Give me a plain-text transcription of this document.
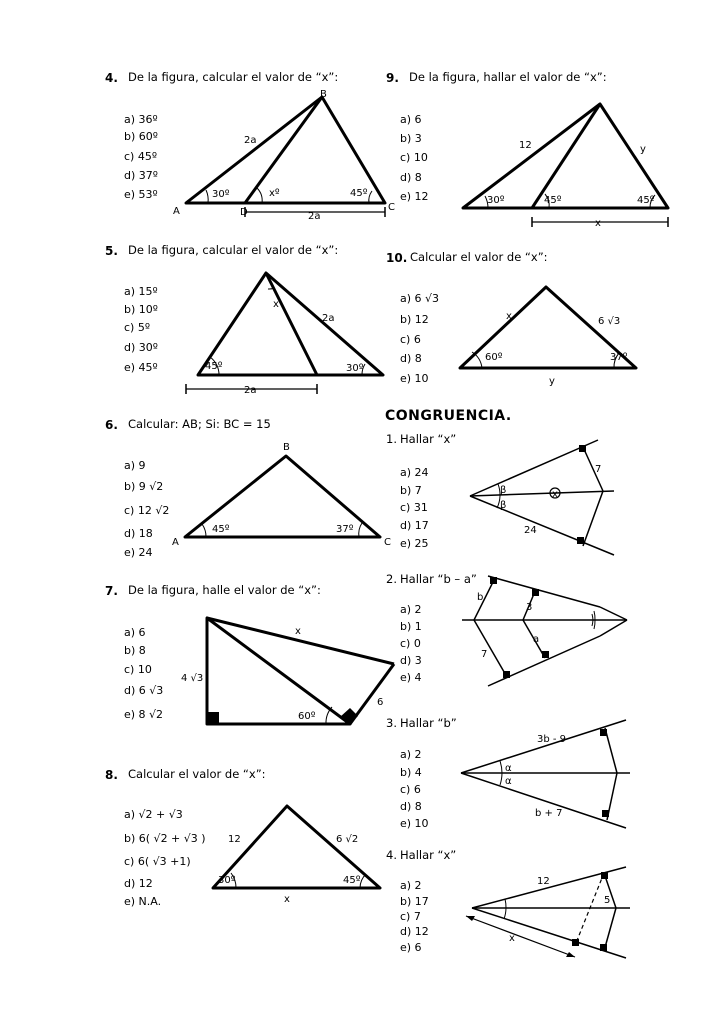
B
A	D	C
2a
2a
30º	xº	45º
x
2a
2a
45º	30º
B
A	C
45º	37º
x
4 √3
6
60º
12	6 √2
30º	45º
x
12	y
30º	45º	45º
x
x	6 √3
60º	37º
y
7
24
β
β
x
b
3
a
7
3b - 9
b + 7
α
α
12
5
x
4. De la figura, calcular el valor de “x”:
a) 36º
b) 60º
c) 45º
d) 37º
e) 53º
5. De la figura, calcular el valor de “x”:
a) 15º
b) 10º
c) 5º
d) 30º
e) 45º
6. Calcular: AB; Si: BC = 15
a) 9
b) 9 √2
c) 12 √2
d) 18
e) 24
7. De la figura, halle el valor de “x”:
a) 6
b) 8
c) 10
d) 6 √3
e) 8 √2
8. Calcular el valor de “x”:
a) √2 + √3
b) 6( √2 + √3 )
c) 6( √3 +1)
d) 12
e) N.A.
9. De la figura, hallar el valor de “x”:
a) 6
b) 3
c) 10
d) 8
e) 12
10. Calcular el valor de “x”:
a) 6 √3
b) 12
c) 6
d) 8
e) 10
CONGRUENCIA.
1. Hallar “x”
a) 24
b) 7
c) 31
d) 17
e) 25
2. Hallar “b – a”
a) 2
b) 1
c) 0
d) 3
e) 4
3. Hallar “b”
a) 2
b) 4
c) 6
d) 8
e) 10
4. Hallar “x”
a) 2
b) 17
c) 7
d) 12
e) 6
